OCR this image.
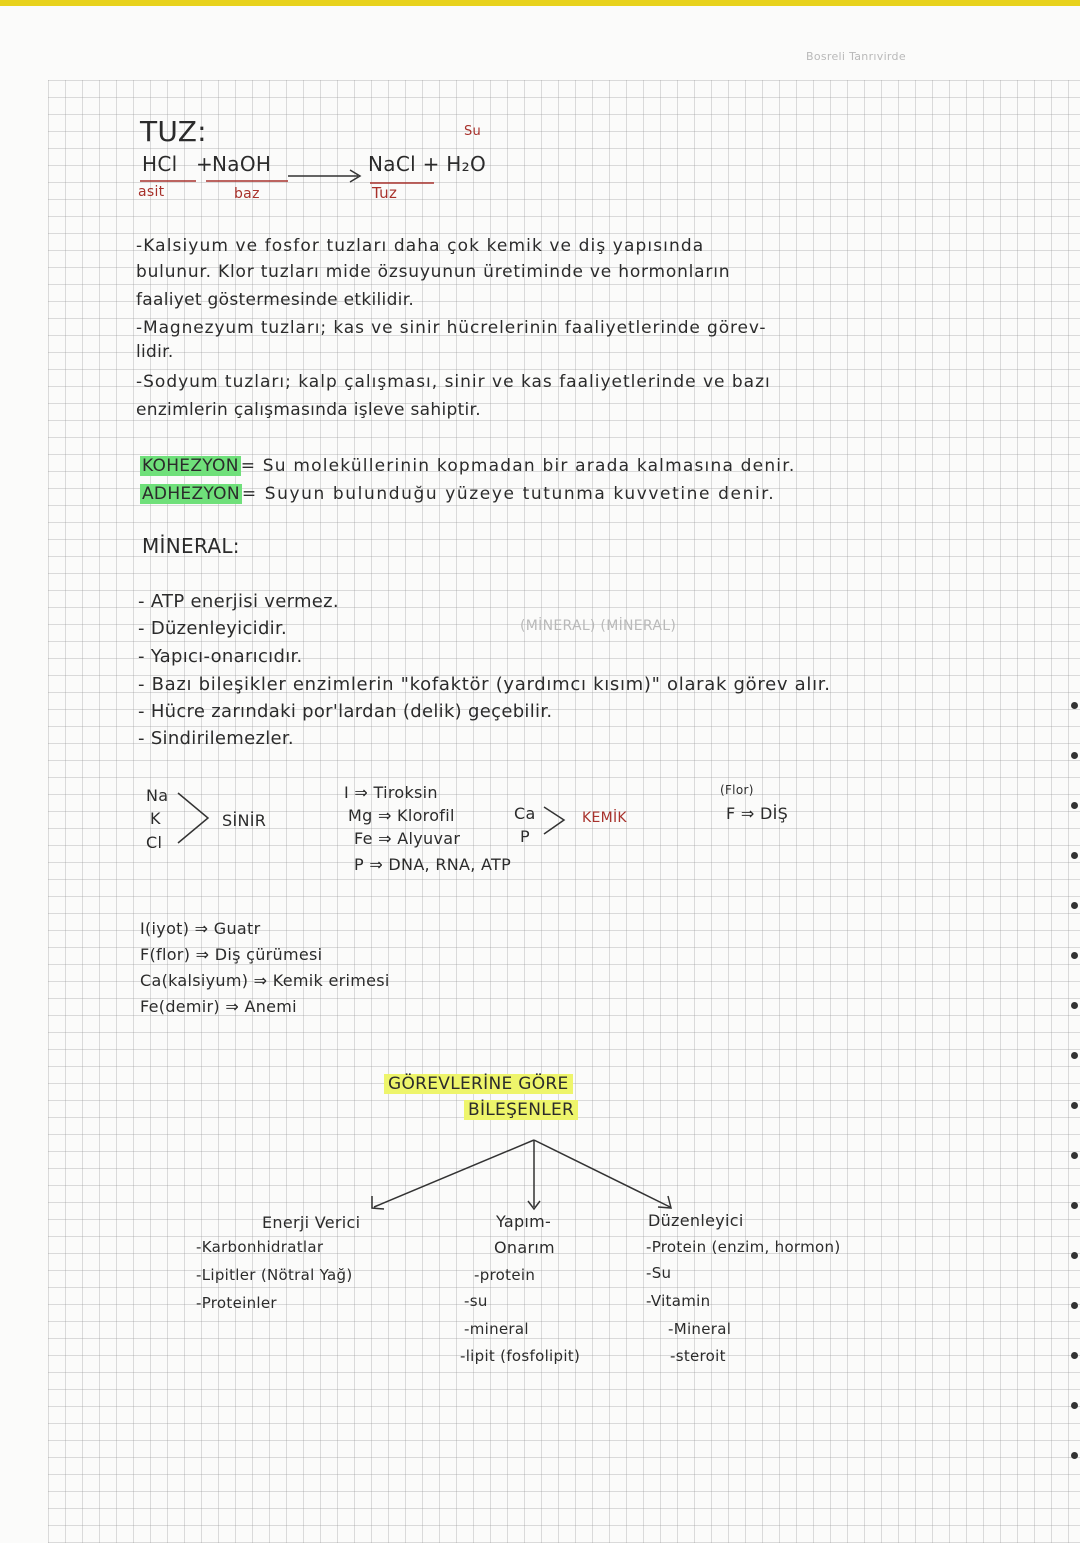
Bosreli Tanrıvirde
TUZ:	Su
HCl +
NaOH	NaCl + H₂O
asit	baz	Tuz
-Kalsiyum ve fosfor tuzları daha çok kemik ve diş yapısında
bulunur. Klor tuzları mide özsuyunun üretiminde ve hormonların
faaliyet göstermesinde etkilidir.
-Magnezyum tuzları; kas ve sinir hücrelerinin faaliyetlerinde görev-
lidir.
-Sodyum tuzları; kalp çalışması, sinir ve kas faaliyetlerinde ve bazı
enzimlerin çalışmasında işleve sahiptir.
KOHEZYON = Su moleküllerinin kopmadan bir arada kalmasına denir.
ADHEZYON = Suyun bulunduğu yüzeye tutunma kuvvetine denir.
MİNERAL:
- ATP enerjisi vermez.
- Düzenleyicidir.	(MİNERAL) (MİNERAL)
- Yapıcı-onarıcıdır.
- Bazı bileşikler enzimlerin "kofaktör (yardımcı kısım)" olarak görev alır.
- Hücre zarındaki por'lardan (delik) geçebilir.
- Sindirilemezler.
Na
K
Cl
SİNİR
I ⇒ Tiroksin
Mg ⇒ Klorofil
Fe ⇒ Alyuvar
P ⇒ DNA, RNA, ATP
Ca
P
KEMİK
(Flor)
F ⇒ DİŞ
I(iyot) ⇒ Guatr
F(flor) ⇒ Diş çürümesi
Ca(kalsiyum) ⇒ Kemik erimesi
Fe(demir) ⇒ Anemi
GÖREVLERİNE GÖRE
BİLEŞENLER
Enerji Verici
-Karbonhidratlar
-Lipitler (Nötral Yağ)
-Proteinler
Yapım-
Onarım
-protein
-su
-mineral
-lipit (fosfolipit)
Düzenleyici
-Protein (enzim, hormon)
-Su
-Vitamin
-Mineral
-steroit
